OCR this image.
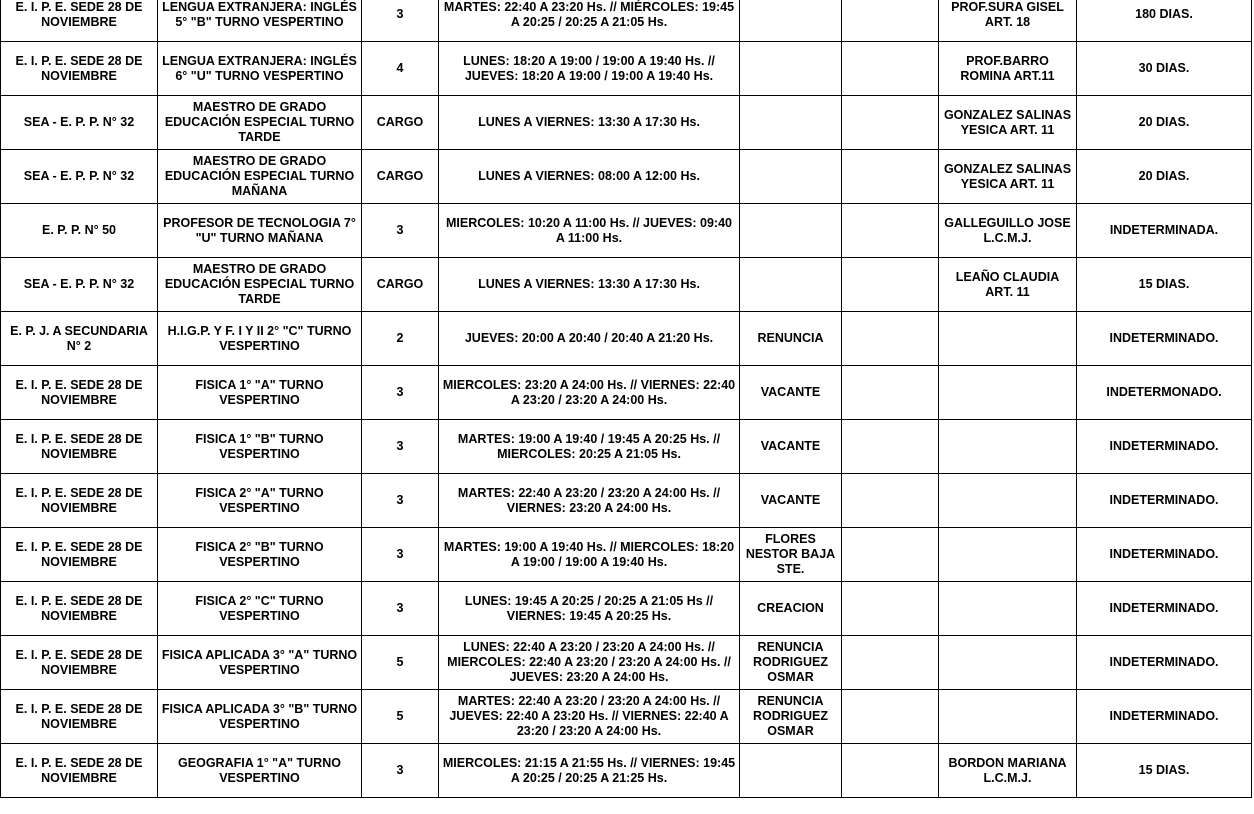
E. I. P. E. SEDE 28 DE NOVIEMBRE	LENGUA EXTRANJERA: INGLÉS 5° "B" TURNO VESPERTINO	3	MARTES: 22:40 A 23:20 Hs. // MIÉRCOLES: 19:45 A 20:25 / 20:25 A 21:05 Hs.			PROF.SURA GISEL ART. 18	180 DIAS.
E. I. P. E. SEDE 28 DE NOVIEMBRE	LENGUA EXTRANJERA: INGLÉS 6° "U" TURNO VESPERTINO	4	LUNES: 18:20 A 19:00 / 19:00 A 19:40 Hs. // JUEVES: 18:20 A 19:00 / 19:00 A 19:40 Hs.			PROF.BARRO ROMINA ART.11	30 DIAS.
SEA - E. P. P. N° 32	MAESTRO DE GRADO EDUCACIÓN ESPECIAL TURNO TARDE	CARGO	LUNES A VIERNES: 13:30 A 17:30 Hs.			GONZALEZ SALINAS YESICA ART. 11	20 DIAS.
SEA - E. P. P. N° 32	MAESTRO DE GRADO EDUCACIÓN ESPECIAL TURNO MAÑANA	CARGO	LUNES A VIERNES: 08:00 A 12:00 Hs.			GONZALEZ SALINAS YESICA ART. 11	20 DIAS.
E. P. P. N° 50	PROFESOR DE TECNOLOGIA 7° "U" TURNO MAÑANA	3	MIERCOLES: 10:20 A 11:00 Hs. // JUEVES: 09:40 A 11:00 Hs.			GALLEGUILLO JOSE L.C.M.J.	INDETERMINADA.
SEA - E. P. P. N° 32	MAESTRO DE GRADO EDUCACIÓN ESPECIAL TURNO TARDE	CARGO	LUNES A VIERNES: 13:30 A 17:30 Hs.			LEAÑO CLAUDIA ART. 11	15 DIAS.
E. P. J. A SECUNDARIA N° 2	H.I.G.P. Y F. I Y II 2° "C" TURNO VESPERTINO	2	JUEVES: 20:00 A 20:40 / 20:40 A 21:20 Hs.	RENUNCIA			INDETERMINADO.
E. I. P. E. SEDE 28 DE NOVIEMBRE	FISICA 1° "A" TURNO VESPERTINO	3	MIERCOLES: 23:20 A 24:00 Hs. // VIERNES: 22:40 A 23:20 / 23:20 A 24:00 Hs.	VACANTE			INDETERMONADO.
E. I. P. E. SEDE 28 DE NOVIEMBRE	FISICA 1° "B" TURNO VESPERTINO	3	MARTES: 19:00 A 19:40 / 19:45 A 20:25 Hs. // MIERCOLES: 20:25 A 21:05 Hs.	VACANTE			INDETERMINADO.
E. I. P. E. SEDE 28 DE NOVIEMBRE	FISICA 2° "A" TURNO VESPERTINO	3	MARTES: 22:40 A 23:20 / 23:20 A 24:00 Hs. // VIERNES: 23:20 A 24:00 Hs.	VACANTE			INDETERMINADO.
E. I. P. E. SEDE 28 DE NOVIEMBRE	FISICA 2° "B" TURNO VESPERTINO	3	MARTES: 19:00 A 19:40 Hs. // MIERCOLES: 18:20 A 19:00 / 19:00 A 19:40 Hs.	FLORES NESTOR BAJA STE.			INDETERMINADO.
E. I. P. E. SEDE 28 DE NOVIEMBRE	FISICA 2° "C" TURNO VESPERTINO	3	LUNES: 19:45 A 20:25 / 20:25 A 21:05 Hs // VIERNES: 19:45 A 20:25 Hs.	CREACION			INDETERMINADO.
E. I. P. E. SEDE 28 DE NOVIEMBRE	FISICA APLICADA 3° "A" TURNO VESPERTINO	5	LUNES: 22:40 A 23:20 / 23:20 A 24:00 Hs. // MIERCOLES: 22:40 A 23:20 / 23:20 A 24:00 Hs. // JUEVES: 23:20 A 24:00 Hs.	RENUNCIA RODRIGUEZ OSMAR			INDETERMINADO.
E. I. P. E. SEDE 28 DE NOVIEMBRE	FISICA APLICADA 3° "B" TURNO VESPERTINO	5	MARTES: 22:40 A 23:20 / 23:20 A 24:00 Hs. // JUEVES: 22:40 A 23:20 Hs. // VIERNES: 22:40 A 23:20 / 23:20 A 24:00 Hs.	RENUNCIA RODRIGUEZ OSMAR			INDETERMINADO.
E. I. P. E. SEDE 28 DE NOVIEMBRE	GEOGRAFIA 1° "A" TURNO VESPERTINO	3	MIERCOLES: 21:15 A 21:55 Hs. // VIERNES: 19:45 A 20:25 / 20:25 A 21:25 Hs.			BORDON MARIANA L.C.M.J.	15 DIAS.
